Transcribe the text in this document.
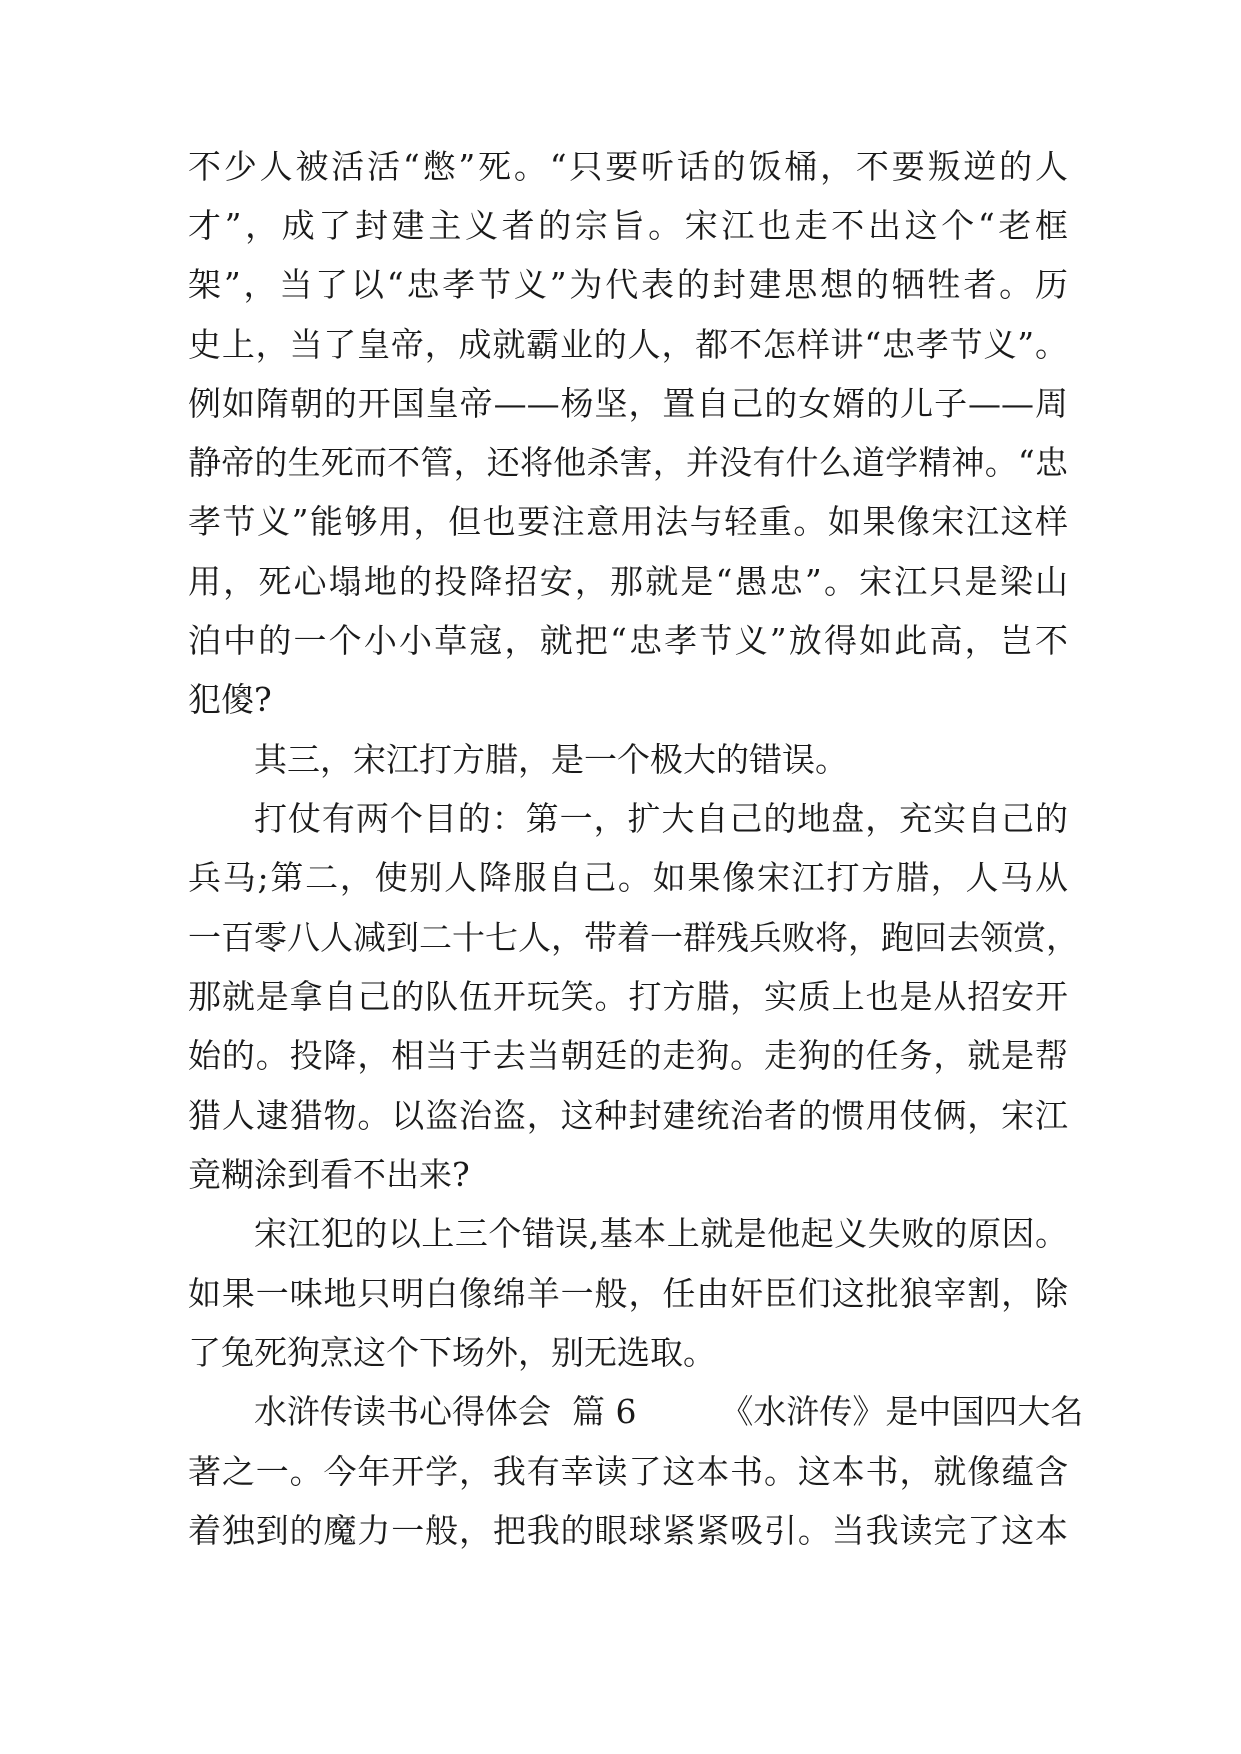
不少人被活活“憋”死。“只要听话的饭桶，不要叛逆的人
才”，成了封建主义者的宗旨。宋江也走不出这个“老框
架”，当了以“忠孝节义”为代表的封建思想的牺牲者。历
史上，当了皇帝，成就霸业的人，都不怎样讲“忠孝节义”。
例如隋朝的开国皇帝——杨坚，置自己的女婿的儿子——周
静帝的生死而不管，还将他杀害，并没有什么道学精神。“忠
孝节义”能够用，但也要注意用法与轻重。如果像宋江这样
用，死心塌地的投降招安，那就是“愚忠”。宋江只是梁山
泊中的一个小小草寇，就把“忠孝节义”放得如此高，岂不
犯傻?
其三，宋江打方腊，是一个极大的错误。
打仗有两个目的：第一，扩大自己的地盘，充实自己的
兵马;第二，使别人降服自己。如果像宋江打方腊，人马从
一百零八人减到二十七人，带着一群残兵败将，跑回去领赏，
那就是拿自己的队伍开玩笑。打方腊，实质上也是从招安开
始的。投降，相当于去当朝廷的走狗。走狗的任务，就是帮
猎人逮猎物。以盗治盗，这种封建统治者的惯用伎俩，宋江
竟糊涂到看不出来?
宋江犯的以上三个错误,基本上就是他起义失败的原因。
如果一味地只明白像绵羊一般，任由奸臣们这批狼宰割，除
了兔死狗烹这个下场外，别无选取。
水浒传读书心得体会  篇 6        《水浒传》是中国四大名
著之一。今年开学，我有幸读了这本书。这本书，就像蕴含
着独到的魔力一般，把我的眼球紧紧吸引。当我读完了这本
